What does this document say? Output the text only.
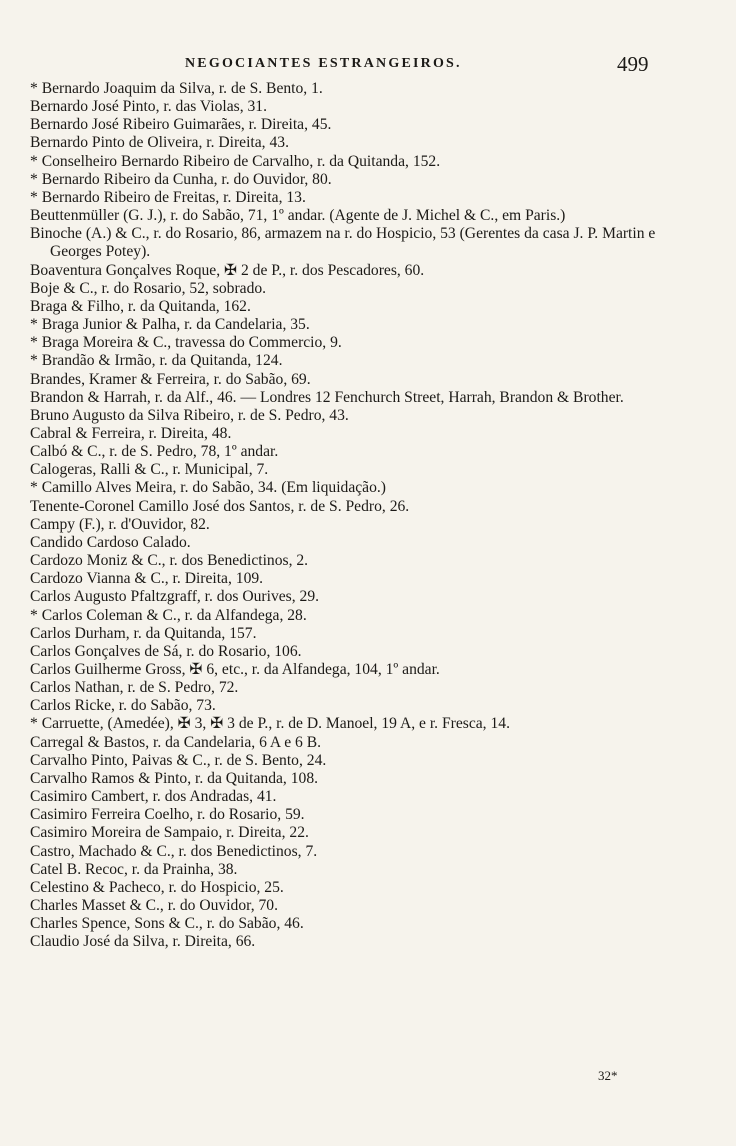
NEGOCIANTES ESTRANGEIROS.	499
* Bernardo Joaquim da Silva, r. de S. Bento, 1.
Bernardo José Pinto, r. das Violas, 31.
Bernardo José Ribeiro Guimarães, r. Direita, 45.
Bernardo Pinto de Oliveira, r. Direita, 43.
* Conselheiro Bernardo Ribeiro de Carvalho, r. da Quitanda, 152.
* Bernardo Ribeiro da Cunha, r. do Ouvidor, 80.
* Bernardo Ribeiro de Freitas, r. Direita, 13.
Beuttenmüller (G. J.), r. do Sabão, 71, 1º andar. (Agente de J. Michel & C., em Paris.)
Binoche (A.) & C., r. do Rosario, 86, armazem na r. do Hospicio, 53 (Gerentes da casa J. P. Martin e Georges Potey).
Boaventura Gonçalves Roque, ✠ 2 de P., r. dos Pescadores, 60.
Boje & C., r. do Rosario, 52, sobrado.
Braga & Filho, r. da Quitanda, 162.
* Braga Junior & Palha, r. da Candelaria, 35.
* Braga Moreira & C., travessa do Commercio, 9.
* Brandão & Irmão, r. da Quitanda, 124.
Brandes, Kramer & Ferreira, r. do Sabão, 69.
Brandon & Harrah, r. da Alf., 46. — Londres 12 Fenchurch Street, Harrah, Brandon & Brother.
Bruno Augusto da Silva Ribeiro, r. de S. Pedro, 43.
Cabral & Ferreira, r. Direita, 48.
Calbó & C., r. de S. Pedro, 78, 1º andar.
Calogeras, Ralli & C., r. Municipal, 7.
* Camillo Alves Meira, r. do Sabão, 34. (Em liquidação.)
Tenente-Coronel Camillo José dos Santos, r. de S. Pedro, 26.
Campy (F.), r. d'Ouvidor, 82.
Candido Cardoso Calado.
Cardozo Moniz & C., r. dos Benedictinos, 2.
Cardozo Vianna & C., r. Direita, 109.
Carlos Augusto Pfaltzgraff, r. dos Ourives, 29.
* Carlos Coleman & C., r. da Alfandega, 28.
Carlos Durham, r. da Quitanda, 157.
Carlos Gonçalves de Sá, r. do Rosario, 106.
Carlos Guilherme Gross, ✠ 6, etc., r. da Alfandega, 104, 1º andar.
Carlos Nathan, r. de S. Pedro, 72.
Carlos Ricke, r. do Sabão, 73.
* Carruette, (Amedée), ✠ 3, ✠ 3 de P., r. de D. Manoel, 19 A, e r. Fresca, 14.
Carregal & Bastos, r. da Candelaria, 6 A e 6 B.
Carvalho Pinto, Paivas & C., r. de S. Bento, 24.
Carvalho Ramos & Pinto, r. da Quitanda, 108.
Casimiro Cambert, r. dos Andradas, 41.
Casimiro Ferreira Coelho, r. do Rosario, 59.
Casimiro Moreira de Sampaio, r. Direita, 22.
Castro, Machado & C., r. dos Benedictinos, 7.
Catel B. Recoc, r. da Prainha, 38.
Celestino & Pacheco, r. do Hospicio, 25.
Charles Masset & C., r. do Ouvidor, 70.
Charles Spence, Sons & C., r. do Sabão, 46.
Claudio José da Silva, r. Direita, 66.
32*
